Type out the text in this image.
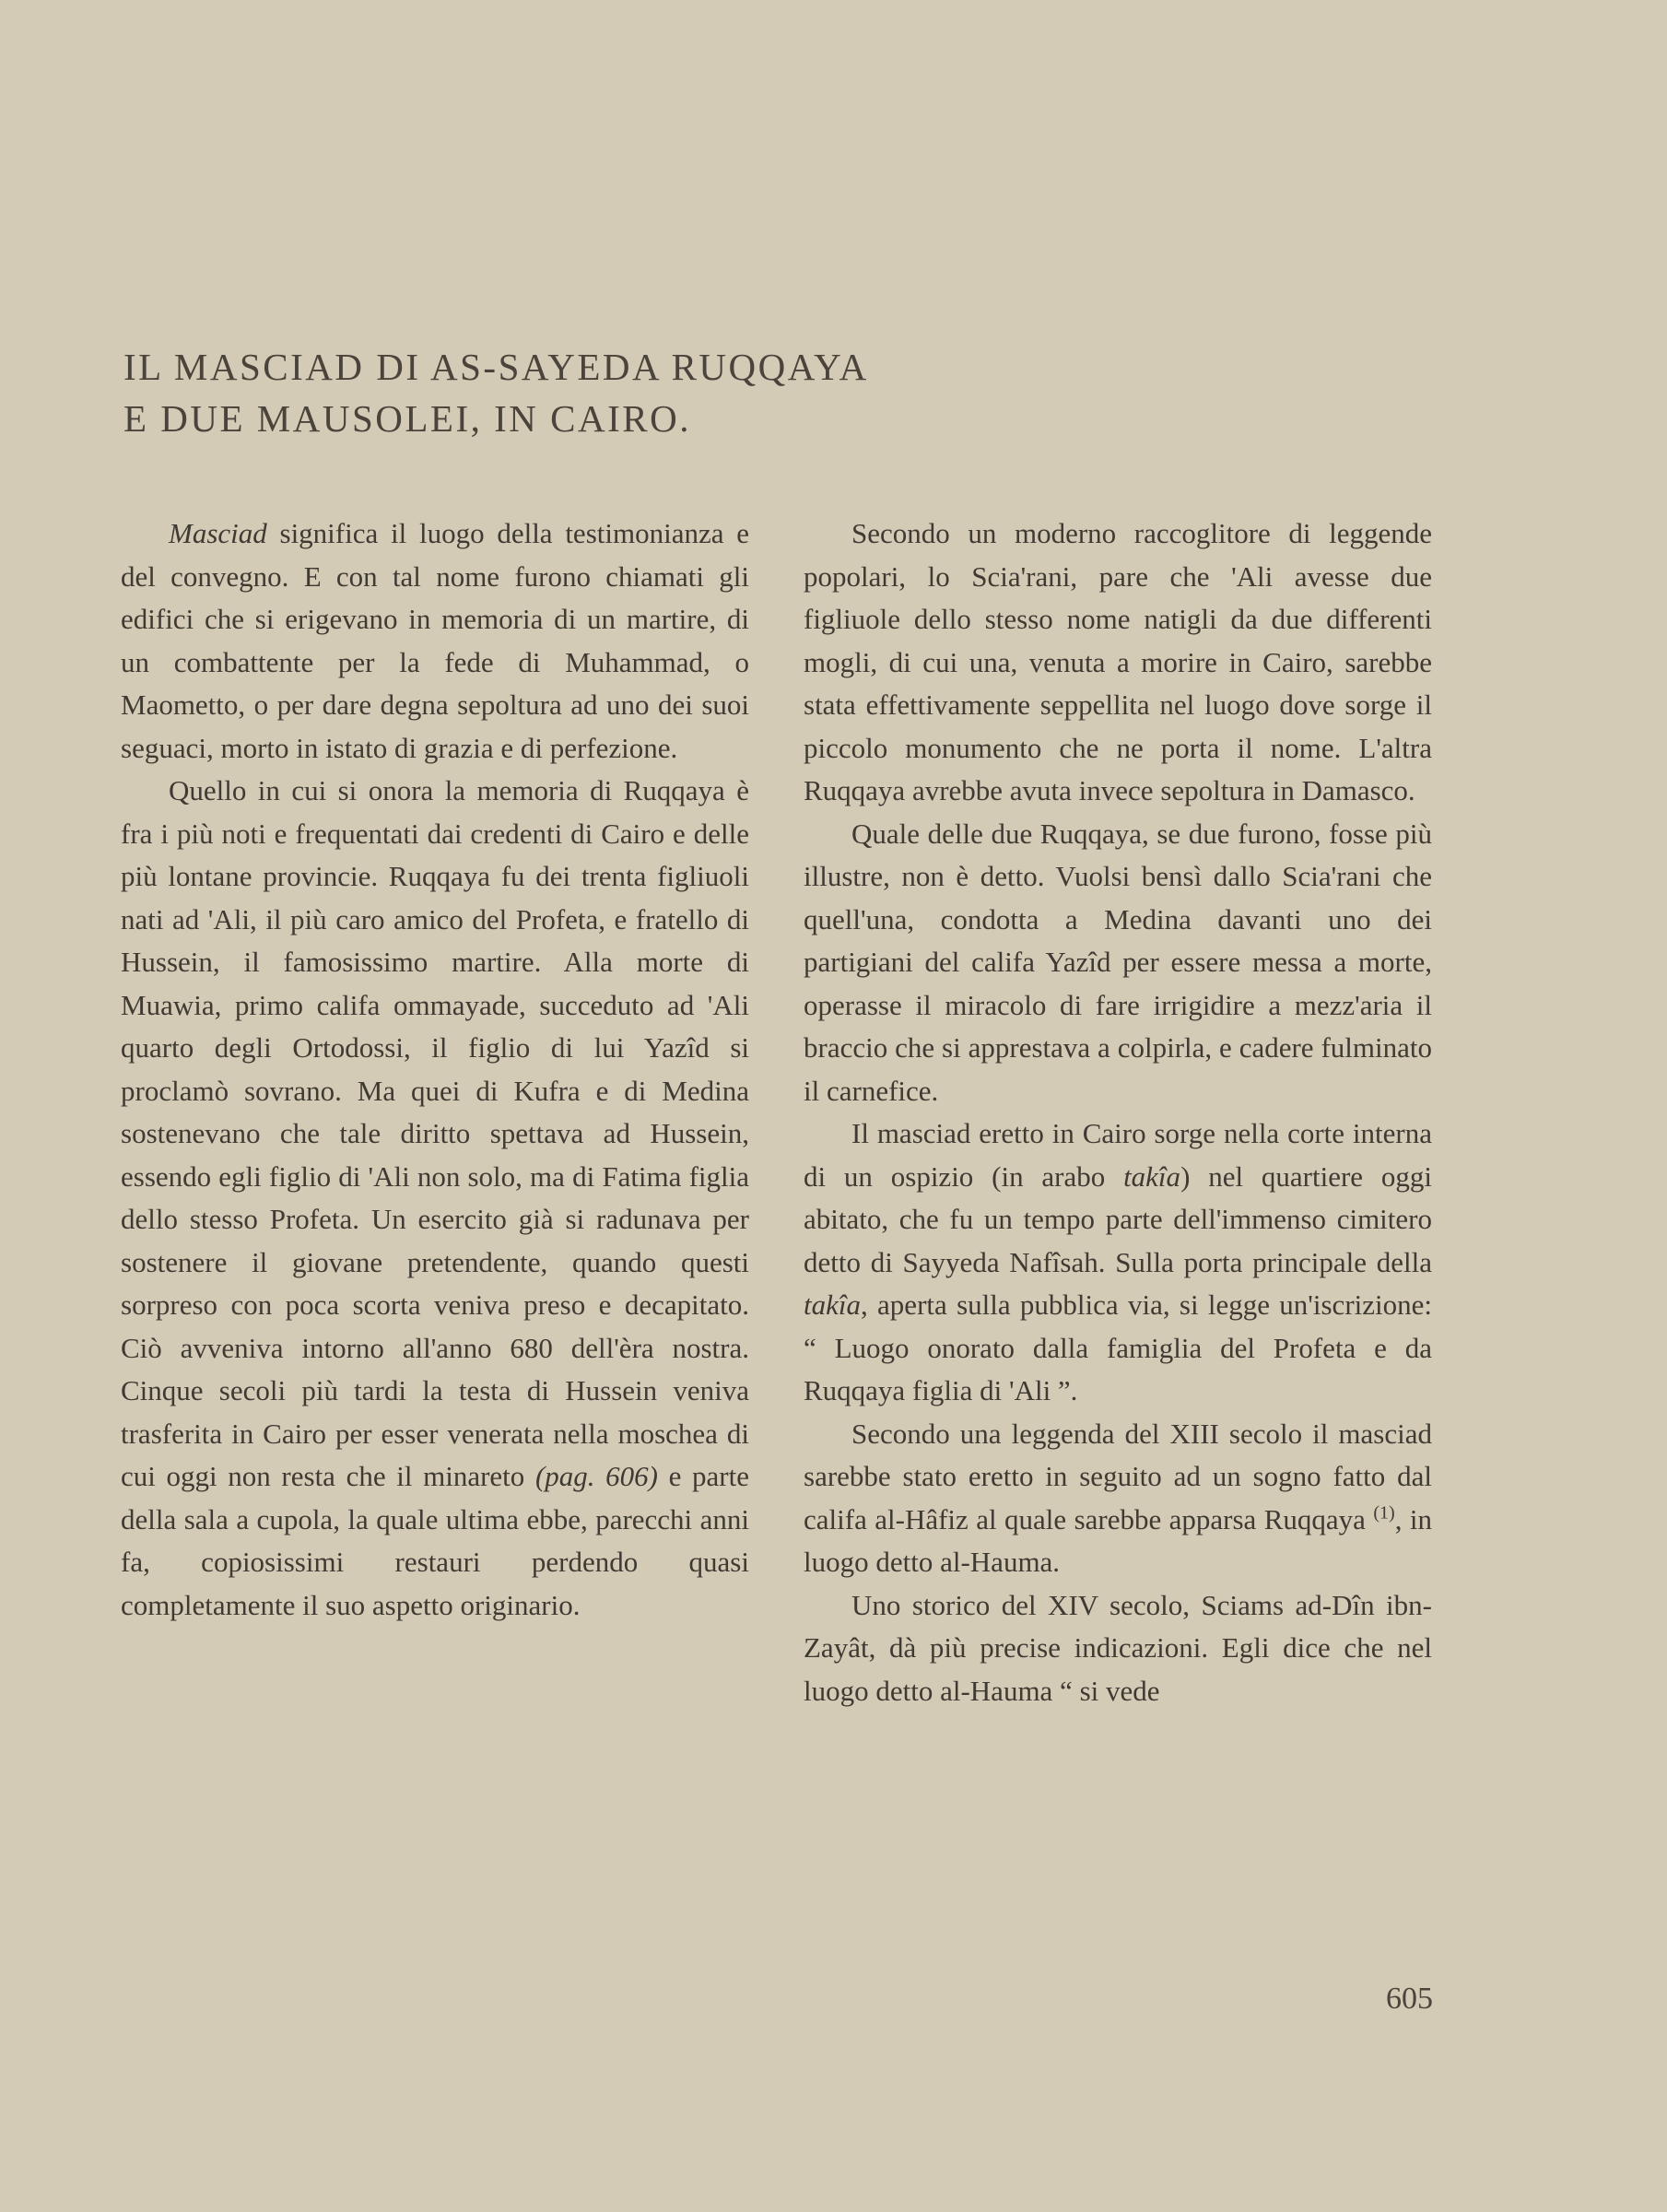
IL MASCIAD DI AS-SAYEDA RUQQAYA
E DUE MAUSOLEI, IN CAIRO.

Masciad significa il luogo della testimonianza e del convegno. E con tal nome furono chiamati gli edifici che si erigevano in memoria di un martire, di un combattente per la fede di Muhammad, o Maometto, o per dare degna sepoltura ad uno dei suoi seguaci, morto in istato di grazia e di perfezione.

Quello in cui si onora la memoria di Ruqqaya è fra i più noti e frequentati dai credenti di Cairo e delle più lontane provincie. Ruqqaya fu dei trenta figliuoli nati ad 'Ali, il più caro amico del Profeta, e fratello di Hussein, il famosissimo martire. Alla morte di Muawia, primo califa ommayade, succeduto ad 'Ali quarto degli Ortodossi, il figlio di lui Yazîd si proclamò sovrano. Ma quei di Kufra e di Medina sostenevano che tale diritto spettava ad Hussein, essendo egli figlio di 'Ali non solo, ma di Fatima figlia dello stesso Profeta. Un esercito già si radunava per sostenere il giovane pretendente, quando questi sorpreso con poca scorta veniva preso e decapitato. Ciò avveniva intorno all'anno 680 dell'èra nostra. Cinque secoli più tardi la testa di Hussein veniva trasferita in Cairo per esser venerata nella moschea di cui oggi non resta che il minareto (pag. 606) e parte della sala a cupola, la quale ultima ebbe, parecchi anni fa, copiosissimi restauri perdendo quasi completamente il suo aspetto originario.

Secondo un moderno raccoglitore di leggende popolari, lo Scia'rani, pare che 'Ali avesse due figliuole dello stesso nome natigli da due differenti mogli, di cui una, venuta a morire in Cairo, sarebbe stata effettivamente seppellita nel luogo dove sorge il piccolo monumento che ne porta il nome. L'altra Ruqqaya avrebbe avuta invece sepoltura in Damasco.

Quale delle due Ruqqaya, se due furono, fosse più illustre, non è detto. Vuolsi bensì dallo Scia'rani che quell'una, condotta a Medina davanti uno dei partigiani del califa Yazîd per essere messa a morte, operasse il miracolo di fare irrigidire a mezz'aria il braccio che si apprestava a colpirla, e cadere fulminato il carnefice.

Il masciad eretto in Cairo sorge nella corte interna di un ospizio (in arabo takîa) nel quartiere oggi abitato, che fu un tempo parte dell'immenso cimitero detto di Sayyeda Nafîsah. Sulla porta principale della takîa, aperta sulla pubblica via, si legge un'iscrizione: “ Luogo onorato dalla famiglia del Profeta e da Ruqqaya figlia di 'Ali ”.

Secondo una leggenda del XIII secolo il masciad sarebbe stato eretto in seguito ad un sogno fatto dal califa al-Hâfiz al quale sarebbe apparsa Ruqqaya $^{(1)}$, in luogo detto al-Hauma.

Uno storico del XIV secolo, Sciams ad-Dîn ibn-Zayât, dà più precise indicazioni. Egli dice che nel luogo detto al-Hauma “ si vede

605
